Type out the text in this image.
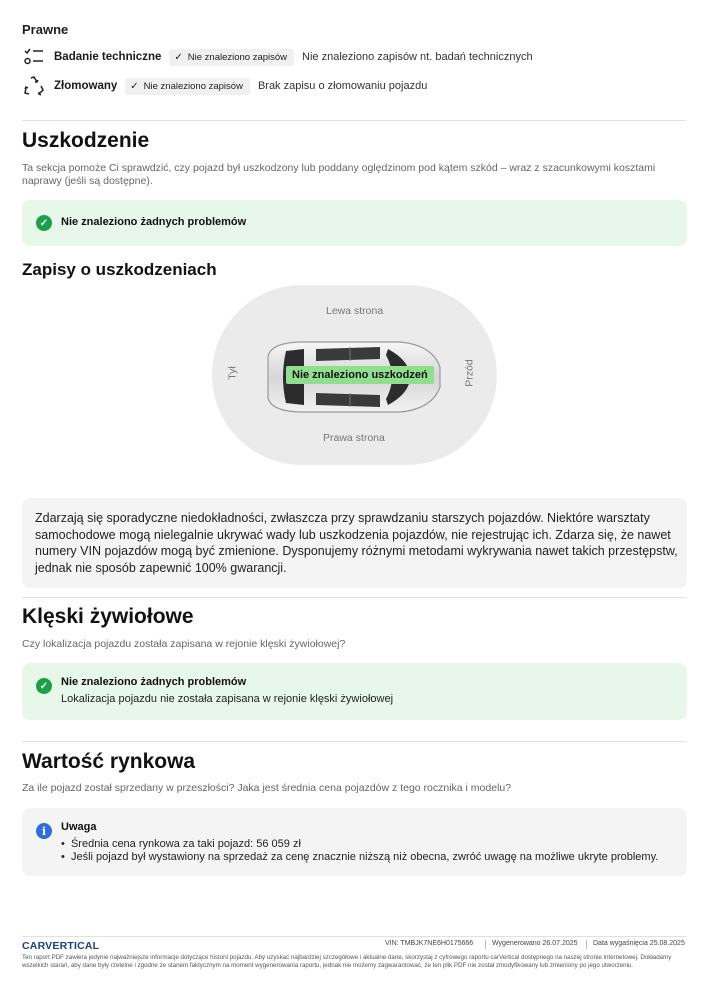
Prawne
Badanie techniczne ✓ Nie znaleziono zapisów Nie znaleziono zapisów nt. badań technicznych
Złomowany ✓ Nie znaleziono zapisów Brak zapisu o złomowaniu pojazdu
Uszkodzenie
Ta sekcja pomoże Ci sprawdzić, czy pojazd był uszkodzony lub poddany oględzinom pod kątem szkód – wraz z szacunkowymi kosztami naprawy (jeśli są dostępne).
✓	Nie znaleziono żadnych problemów
Zapisy o uszkodzeniach
Lewa strona
Prawa strona
Tył	Przód
Nie znaleziono uszkodzeń
Zdarzają się sporadyczne niedokładności, zwłaszcza przy sprawdzaniu starszych pojazdów. Niektóre warsztaty samochodowe mogą nielegalnie ukrywać wady lub uszkodzenia pojazdów, nie rejestrując ich. Zdarza się, że nawet numery VIN pojazdów mogą być zmienione. Dysponujemy różnymi metodami wykrywania nawet takich przestępstw, jednak nie sposób zapewnić 100% gwarancji.
Klęski żywiołowe
Czy lokalizacja pojazdu została zapisana w rejonie klęski żywiołowej?
✓	Nie znaleziono żadnych problemów
Lokalizacja pojazdu nie została zapisana w rejonie klęski żywiołowej
Wartość rynkowa
Za ile pojazd został sprzedany w przeszłości? Jaka jest średnia cena pojazdów z tego rocznika i modelu?
i	Uwaga
•  Średnia cena rynkowa za taki pojazd: 56 059 zł
•  Jeśli pojazd był wystawiony na sprzedaż za cenę znacznie niższą niż obecna, zwróć uwagę na możliwe ukryte problemy.
CARVERTICAL	VIN: TMBJK7NE6H0175666	Wygenerowano 26.07.2025 Data wygaśnięcia 25.08.2025
Ten raport PDF zawiera jedynie najważniejsze informacje dotyczące historii pojazdu. Aby uzyskać najbardziej szczegółowe i aktualne dane, skorzystaj z cyfrowego raportu carVertical dostępnego na naszej stronie internetowej. Dokładamy wszelkich starań, aby dane były rzetelne i zgodne ze stanem faktycznym na moment wygenerowania raportu, jednak nie możemy zagwarantować, że ten plik PDF nie został zmodyfikowany lub zmieniony po jego utworzeniu.
